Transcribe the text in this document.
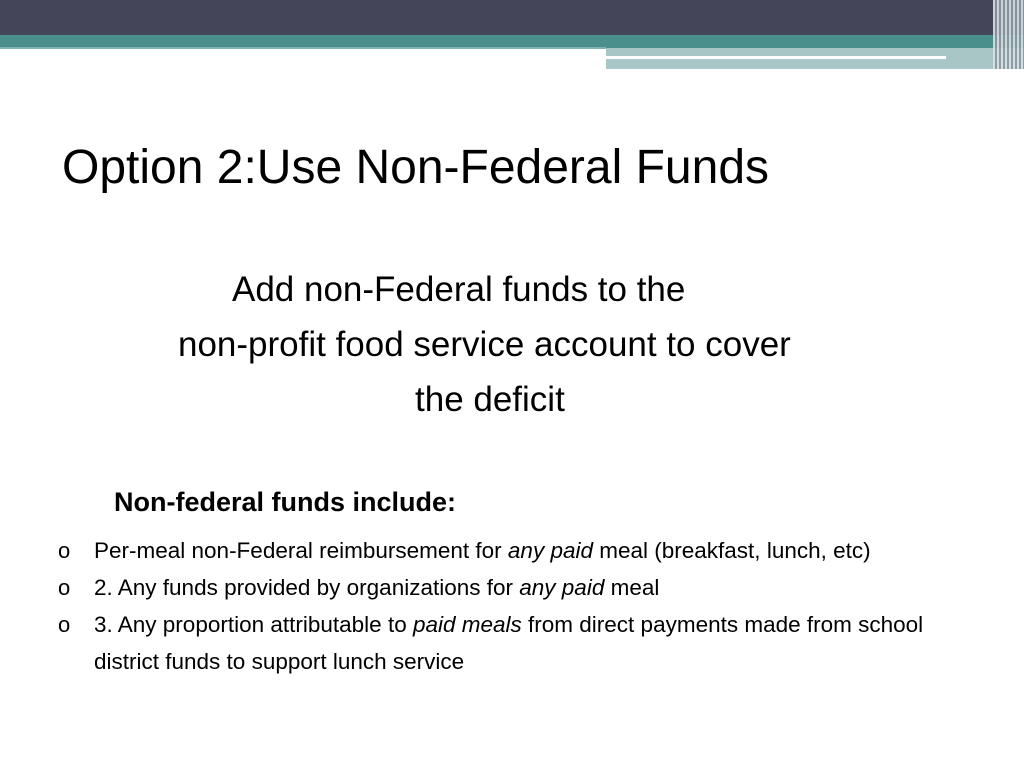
Option 2:Use Non-Federal Funds
Add non-Federal funds to the
non-profit food service account to cover
the deficit
Non-federal funds include:
o Per-meal non-Federal reimbursement for any paid meal (breakfast, lunch, etc)
o 2. Any funds provided by organizations for any paid meal
o 3. Any proportion attributable to paid meals from direct payments made from school district funds to support lunch service
